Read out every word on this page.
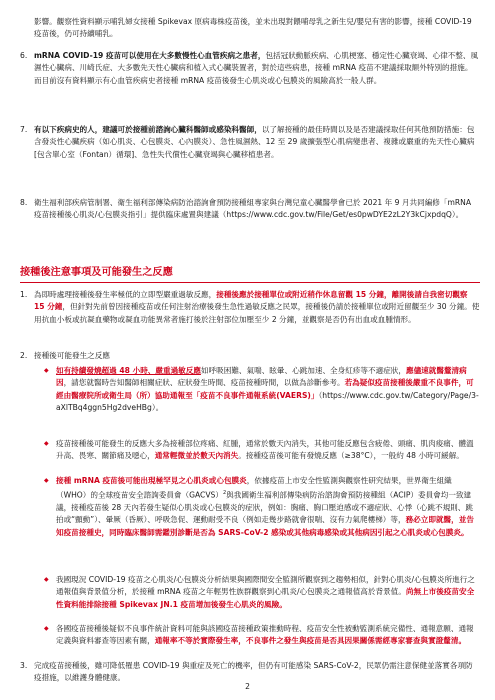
影響。觀察性資料顯示哺乳婦女接種 Spikevax 原病毒株疫苗後，並未出現對餵哺母乳之新生兒/嬰兒有害的影響，接種 COVID-19 疫苗後，仍可持續哺乳。
6. mRNA COVID-19 疫苗可以使用在大多數慢性心血管疾病之患者，包括冠狀動脈疾病、心肌梗塞、穩定性心臟衰竭、心律不整、風濕性心臟病、川崎氏症、大多數先天性心臟病和植入式心臟裝置者，對於這些病患，接種 mRNA 疫苗不建議採取額外特別的措施。而目前沒有資料顯示有心血管疾病史者接種 mRNA 疫苗後發生心肌炎或心包膜炎的風險高於一般人群。
7. 有以下疾病史的人，建議可於接種前諮詢心臟科醫師或感染科醫師，以了解接種的最佳時間以及是否建議採取任何其他預防措施：包含發炎性心臟疾病（如心肌炎、心包膜炎、心內膜炎）、急性風濕熱、12 至 29 歲擴張型心肌病變患者、複雜或嚴重的先天性心臟病[包含單心室（Fontan）循環]、急性失代償性心臟衰竭與心臟移植患者。
8. 衛生福利部疾病管制署、衛生福利部傳染病防治諮詢會預防接種組專家與台灣兒童心臟醫學會已於 2021 年 9 月共同編修「mRNA 疫苗接種後心肌炎/心包膜炎指引」提供臨床處置與建議（https://www.cdc.gov.tw/File/Get/es0pwDYE2zL2Y3kCjxpdqQ）。
接種後注意事項及可能發生之反應
1. 為即時處理接種後發生率極低的立即型嚴重過敏反應，接種後應於接種單位或附近稍作休息留觀 15 分鐘，離開後請自我密切觀察 15 分鐘，但針對先前曾因接種疫苗或任何注射治療後發生急性過敏反應之民眾，接種後仍請於接種單位或附近留觀至少 30 分鐘。使用抗血小板或抗凝血藥物或凝血功能異常者施打後於注射部位加壓至少 2 分鐘，並觀察是否仍有出血或血腫情形。
2. 接種後可能發生之反應
◆ 如有持續發燒超過 48 小時、嚴重過敏反應如呼吸困難、氣喘、眩暈、心跳加速、全身紅疹等不適症狀，應儘速就醫釐清病因，請您就醫時告知醫師相關症狀、症狀發生時間、疫苗接種時間，以做為診斷參考。若為疑似疫苗接種後嚴重不良事件，可經由醫療院所或衛生局（所）協助通報至「疫苗不良事件通報系統(VAERS)」（https://www.cdc.gov.tw/Category/Page/3-aXlTBq4ggn5Hg2dveHBg）。
◆ 疫苗接種後可能發生的反應大多為接種部位疼痛、紅腫，通常於數天內消失，其他可能反應包含疲倦、頭痛、肌肉痠痛、體溫升高、畏寒、關節痛及噁心，通常輕微並於數天內消失。接種疫苗後可能有發燒反應（≥38°C），一般約 48 小時可緩解。
◆ 接種 mRNA 疫苗後可能出現極罕見之心肌炎或心包膜炎，依據疫苗上市安全性監測與觀察性研究結果，世界衛生組織（WHO）的全球疫苗安全諮詢委員會（GACVS）$^2$與我國衛生福利部傳染病防治諮詢會預防接種組（ACIP）委員會均一致建議，接種疫苗後 28 天內若發生疑似心肌炎或心包膜炎的症狀，例如：胸痛、胸口壓迫感或不適症狀、心悸（心跳不規則、跳拍或“顫動”）、暈厥（昏厥）、呼吸急促、運動耐受不良（例如走幾步路就會很喘、沒有力氣爬樓梯）等，務必立即就醫，並告知疫苗接種史，同時臨床醫師需鑑別診斷是否為 SARS-CoV-2 感染或其他病毒感染或其他病因引起之心肌炎或心包膜炎。
◆ 我國現況 COVID-19 疫苗之心肌炎/心包膜炎分析結果與國際間安全監測所觀察到之趨勢相似，針對心肌炎/心包膜炎所進行之通報值與背景值分析，於接種 mRNA 疫苗之年輕男性族群觀察到心肌炎/心包膜炎之通報值高於背景值。尚無上市後疫苗安全性資料能排除接種 Spikevax JN.1 疫苗增加後發生心肌炎的風險。
◆ 各國疫苗接種後疑似不良事件統計資料可能與該國疫苗接種政策推動時程、疫苗安全性被動監測系統完備性、通報意願、通報定義與資料審查等因素有關，通報率不等於實際發生率，不良事件之發生與疫苗是否具因果關係需經專家審查與實證釐清。
3. 完成疫苗接種後，雖可降低罹患 COVID-19 與重症及死亡的機率，但仍有可能感染 SARS-CoV-2，民眾仍需注意保健並落實各項防疫措施，以維護身體健康。
2
